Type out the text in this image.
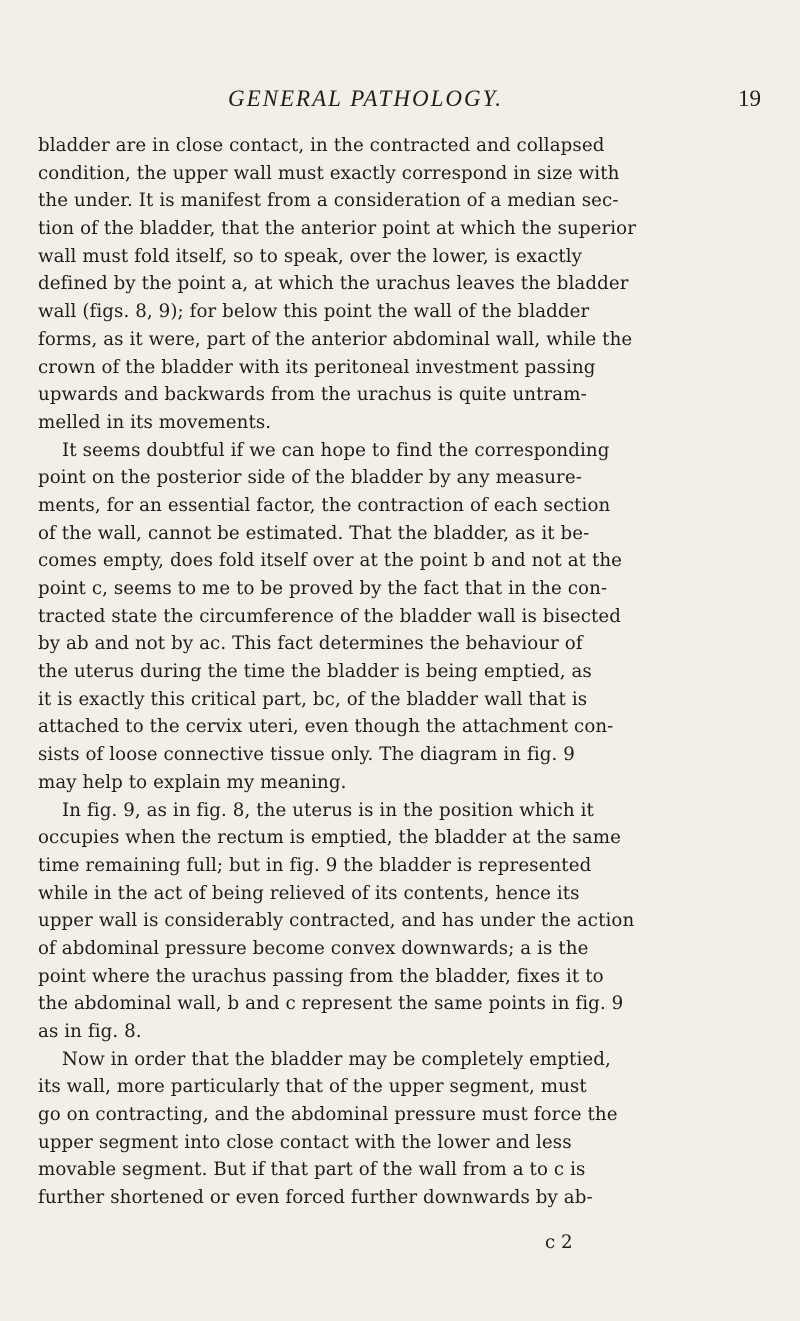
GENERAL PATHOLOGY.	19
bladder are in close contact, in the contracted and collapsed
condition, the upper wall must exactly correspond in size with
the under. It is manifest from a consideration of a median sec-
tion of the bladder, that the anterior point at which the superior
wall must fold itself, so to speak, over the lower, is exactly
defined by the point a, at which the urachus leaves the bladder
wall (figs. 8, 9); for below this point the wall of the bladder
forms, as it were, part of the anterior abdominal wall, while the
crown of the bladder with its peritoneal investment passing
upwards and backwards from the urachus is quite untram-
melled in its movements.
It seems doubtful if we can hope to find the corresponding
point on the posterior side of the bladder by any measure-
ments, for an essential factor, the contraction of each section
of the wall, cannot be estimated. That the bladder, as it be-
comes empty, does fold itself over at the point b and not at the
point c, seems to me to be proved by the fact that in the con-
tracted state the circumference of the bladder wall is bisected
by ab and not by ac. This fact determines the behaviour of
the uterus during the time the bladder is being emptied, as
it is exactly this critical part, bc, of the bladder wall that is
attached to the cervix uteri, even though the attachment con-
sists of loose connective tissue only. The diagram in fig. 9
may help to explain my meaning.
In fig. 9, as in fig. 8, the uterus is in the position which it
occupies when the rectum is emptied, the bladder at the same
time remaining full; but in fig. 9 the bladder is represented
while in the act of being relieved of its contents, hence its
upper wall is considerably contracted, and has under the action
of abdominal pressure become convex downwards; a is the
point where the urachus passing from the bladder, fixes it to
the abdominal wall, b and c represent the same points in fig. 9
as in fig. 8.
Now in order that the bladder may be completely emptied,
its wall, more particularly that of the upper segment, must
go on contracting, and the abdominal pressure must force the
upper segment into close contact with the lower and less
movable segment. But if that part of the wall from a to c is
further shortened or even forced further downwards by ab-
c 2
